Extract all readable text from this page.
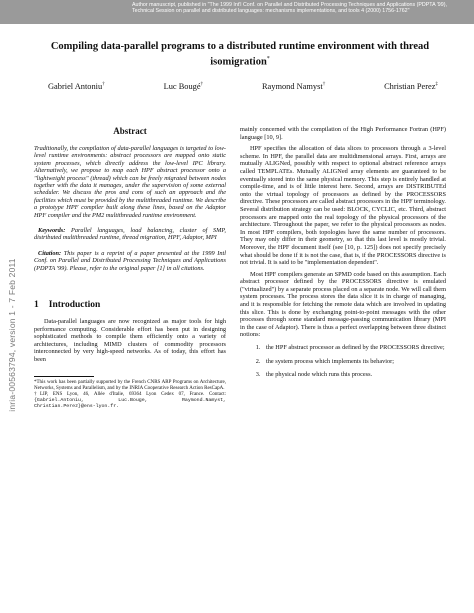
Author manuscript, published in "The 1999 Int'l Conf. on Parallel and Distributed Processing Techniques and Applications (PDPTA '99), Technical Session on parallel and distributed languages: mechanisms implementations, and tools 4 (2000) 1756-1762"
inria-00563794, version 1 - 7 Feb 2011
Compiling data-parallel programs to a distributed runtime environment with thread isomigration*
Gabriel Antoniu†	Luc Bougé†	Raymond Namyst†	Christian Perez‡
Abstract
Traditionally, the compilation of data-parallel languages is targeted to low-level runtime environments: abstract processors are mapped onto static system processes, which directly address the low-level IPC library. Alternatively, we propose to map each HPF abstract processor onto a "lightweight process" (thread) which can be freely migrated between nodes together with the data it manages, under the supervision of some external scheduler. We discuss the pros and cons of such an approach and the facilities which must be provided by the multithreaded runtime. We describe a prototype HPF compiler built along these lines, based on the Adaptor HPF compiler and the PM2 multithreaded runtime environment.
Keywords: Parallel languages, load balancing, cluster of SMP, distributed multithreaded runtime, thread migration, HPF, Adaptor, MPI
Citation: This paper is a reprint of a paper presented at the 1999 Intl Conf. on Parallel and Distributed Processing Techniques and Applications (PDPTA '99). Please, refer to the original paper [1] in all citations.
1 Introduction
Data-parallel languages are now recognized as major tools for high performance computing. Considerable effort has been put in designing sophisticated methods to compile them efficiently onto a variety of architectures, including MIMD clusters of commodity processors interconnected by very high-speed networks. As of today, this effort has been
*This work has been partially supported by the French CNRS ARP Programs on Architecture, Networks, Systems and Parallelism, and by the INRIA Cooperative Research Action ResCapA.
†LIP, ENS Lyon, 46, Allée d'Italie, 69364 Lyon Cedex 07, France. Contact: {Gabriel.Antoniu, Luc.Bouge, Raymond.Namyst, Christian.Perez}@ens-lyon.fr.
mainly concerned with the compilation of the High Performance Fortran (HPF) language [10, 9].
HPF specifies the allocation of data slices to processors through a 3-level scheme. In HPF, the parallel data are multidimensional arrays. First, arrays are mutually ALIGNed, possibly with respect to optional abstract reference arrays called TEMPLATEs. Mutually ALIGNed array elements are guaranteed to be eventually stored into the same physical memory. This step is entirely handled at compile-time, and is of little interest here. Second, arrays are DISTRIBUTEd onto the virtual topology of processors as defined by the PROCESSORS directive. These processors are called abstract processors in the HPF terminology. Several distribution strategy can be used: BLOCK, CYCLIC, etc. Third, abstract processors are mapped onto the real topology of the physical processors of the architecture. Throughout the paper, we refer to the physical processors as nodes. In most HPF compilers, both topologies have the same number of processors. They may only differ in their geometry, so that this last level is mostly trivial. Moreover, the HPF document itself (see [10, p. 125]) does not specify precisely what should be done if it is not the case, that is, if the PROCESSORS directive is not trivial. It is said to be "implementation dependent".
Most HPF compilers generate an SPMD code based on this assumption. Each abstract processor defined by the PROCESSORS directive is emulated ("virtualized") by a separate process placed on a separate node. We will call them system processes. The process stores the data slice it is in charge of managing, and it is responsible for fetching the remote data which are involved in updating this slice. This is done by exchanging point-to-point messages with the other processes through some standard message-passing communication library (MPI in the case of Adaptor). There is thus a perfect overlapping between three distinct notions:
1. the HPF abstract processor as defined by the PROCESSORS directive;
2. the system process which implements its behavior;
3. the physical node which runs this process.
